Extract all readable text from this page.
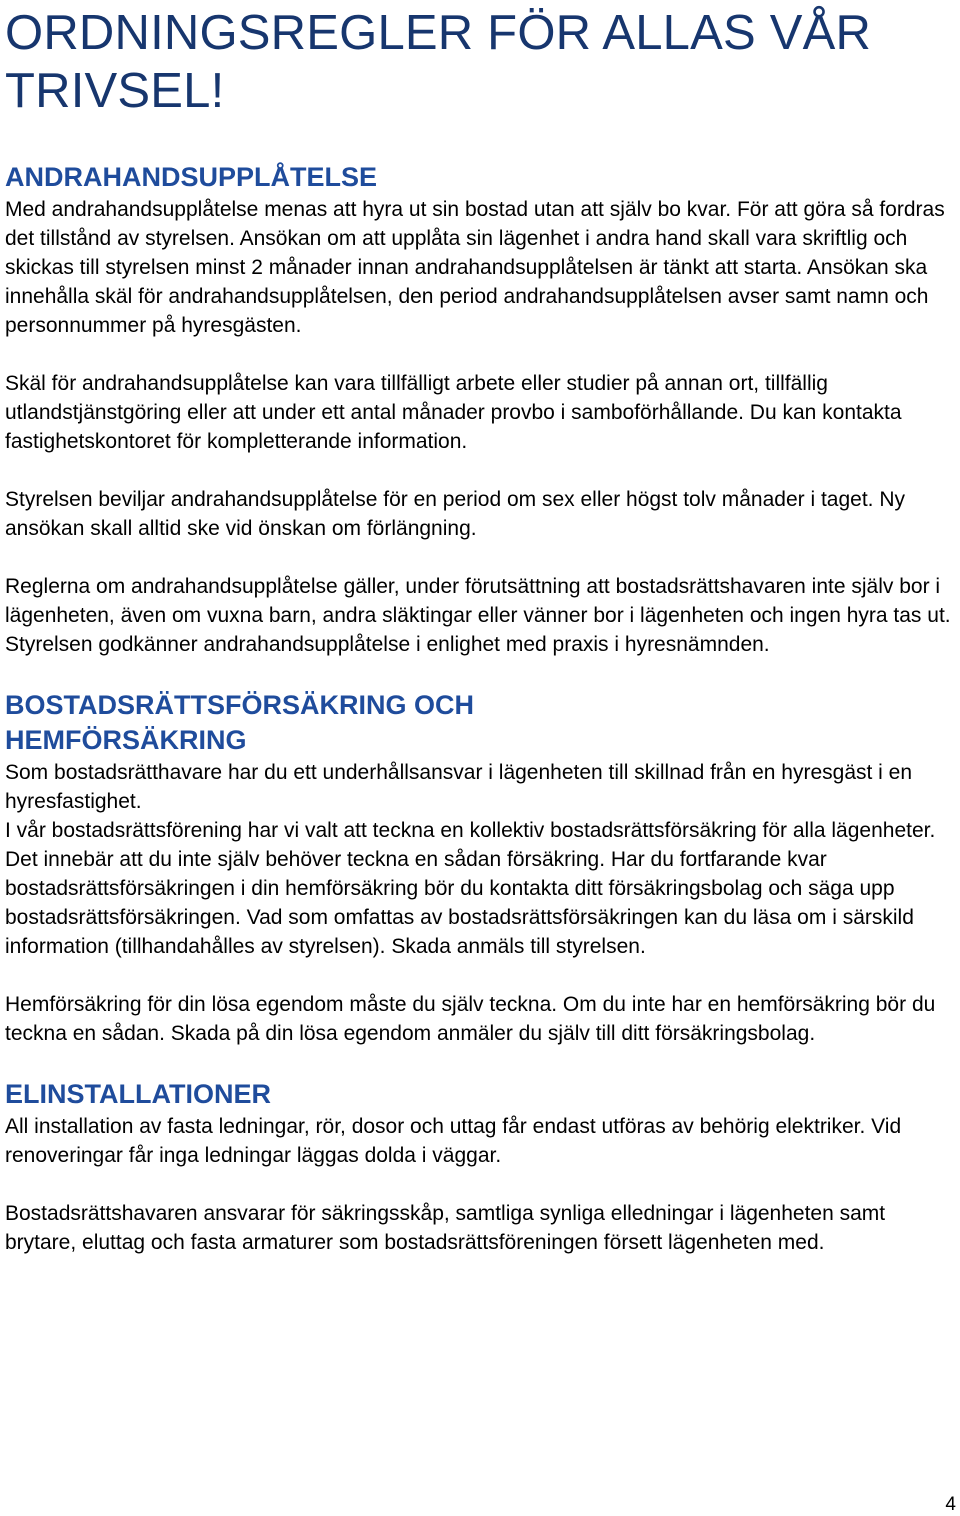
ORDNINGSREGLER FÖR ALLAS VÅR TRIVSEL!
ANDRAHANDSUPPLÅTELSE

Med andrahandsupplåtelse menas att hyra ut sin bostad utan att själv bo kvar. För att göra så fordras det tillstånd av styrelsen. Ansökan om att upplåta sin lägenhet i andra hand skall vara skriftlig och skickas till styrelsen minst 2 månader innan andrahandsupplåtelsen är tänkt att starta. Ansökan ska innehålla skäl för andrahandsupplåtelsen, den period andrahandsupplåtelsen avser samt namn och personnummer på hyresgästen.

Skäl för andrahandsupplåtelse kan vara tillfälligt arbete eller studier på annan ort, tillfällig utlandstjänstgöring eller att under ett antal månader provbo i samboförhållande. Du kan kontakta fastighetskontoret för kompletterande information.

Styrelsen beviljar andrahandsupplåtelse för en period om sex eller högst tolv månader i taget. Ny ansökan skall alltid ske vid önskan om förlängning.

Reglerna om andrahandsupplåtelse gäller, under förutsättning att bostadsrättshavaren inte själv bor i lägenheten, även om vuxna barn, andra släktingar eller vänner bor i lägenheten och ingen hyra tas ut. Styrelsen godkänner andrahandsupplåtelse i enlighet med praxis i hyresnämnden.

BOSTADSRÄTTSFÖRSÄKRING OCH HEMFÖRSÄKRING

Som bostadsrätthavare har du ett underhållsansvar i lägenheten till skillnad från en hyresgäst i en hyresfastighet.

I vår bostadsrättsförening har vi valt att teckna en kollektiv bostadsrättsförsäkring för alla lägenheter. Det innebär att du inte själv behöver teckna en sådan försäkring. Har du fortfarande kvar bostadsrättsförsäkringen i din hemförsäkring bör du kontakta ditt försäkringsbolag och säga upp bostadsrättsförsäkringen. Vad som omfattas av bostadsrättsförsäkringen kan du läsa om i särskild information (tillhandahålles av styrelsen). Skada anmäls till styrelsen.

Hemförsäkring för din lösa egendom måste du själv teckna. Om du inte har en hemförsäkring bör du teckna en sådan. Skada på din lösa egendom anmäler du själv till ditt försäkringsbolag.

ELINSTALLATIONER

All installation av fasta ledningar, rör, dosor och uttag får endast utföras av behörig elektriker. Vid renoveringar får inga ledningar läggas dolda i väggar.

Bostadsrättshavaren ansvarar för säkringsskåp, samtliga synliga elledningar i lägenheten samt brytare, eluttag och fasta armaturer som bostadsrättsföreningen försett lägenheten med.

4
